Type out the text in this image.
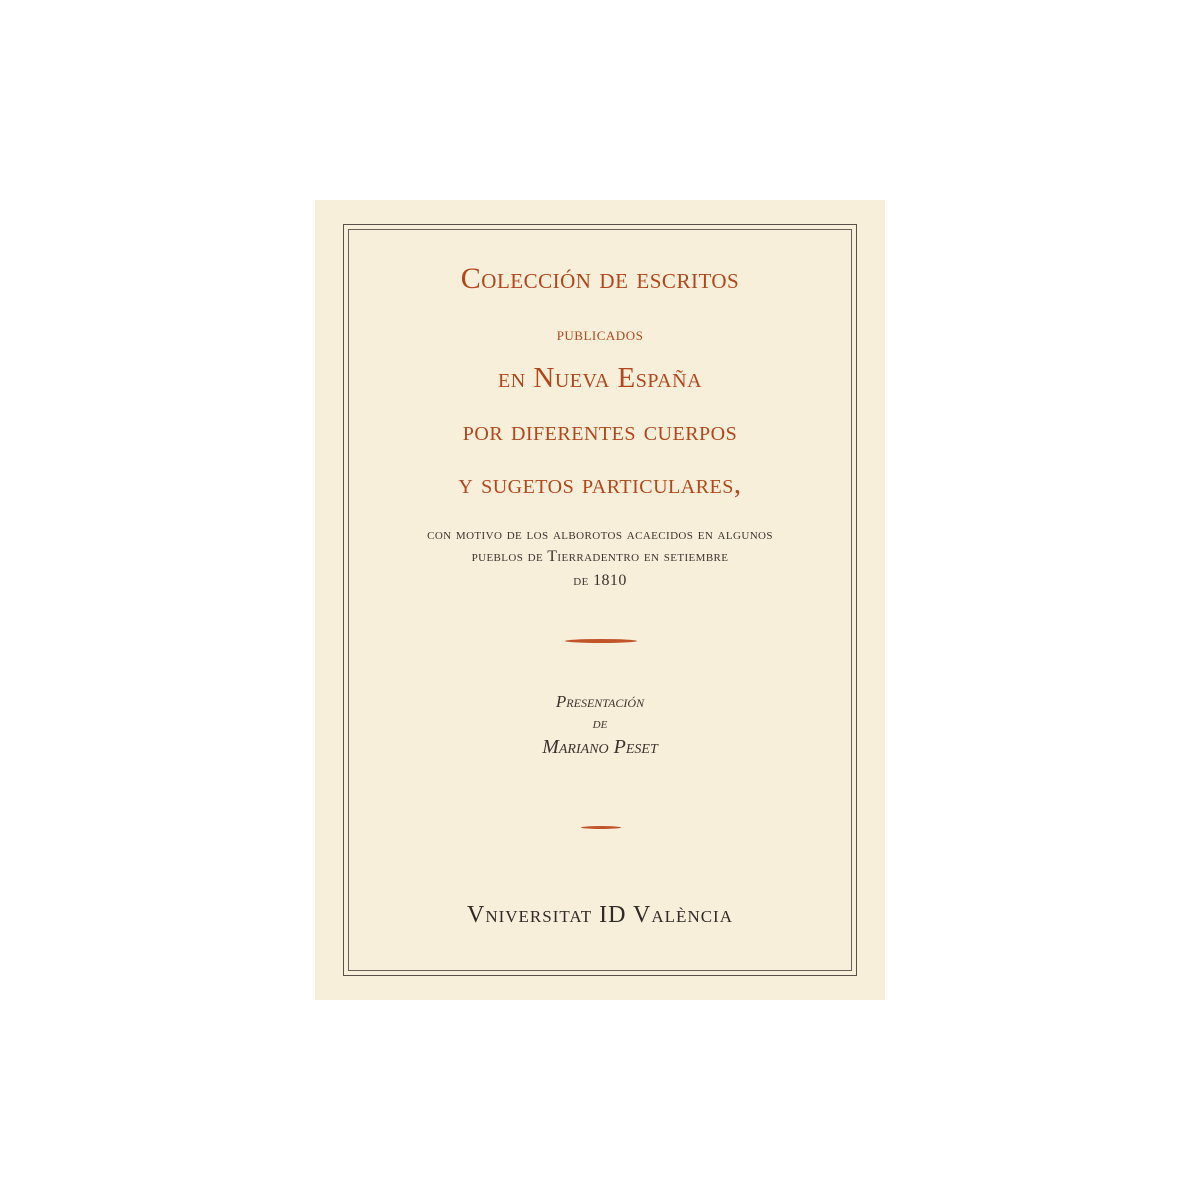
Colección de escritos
publicados
en Nueva España
por diferentes cuerpos
y sugetos particulares,
con motivo de los alborotos acaecidos en algunos
pueblos de Tierradentro en setiembre
de 1810
Presentación
de
Mariano Peset
Vniversitat ID València
